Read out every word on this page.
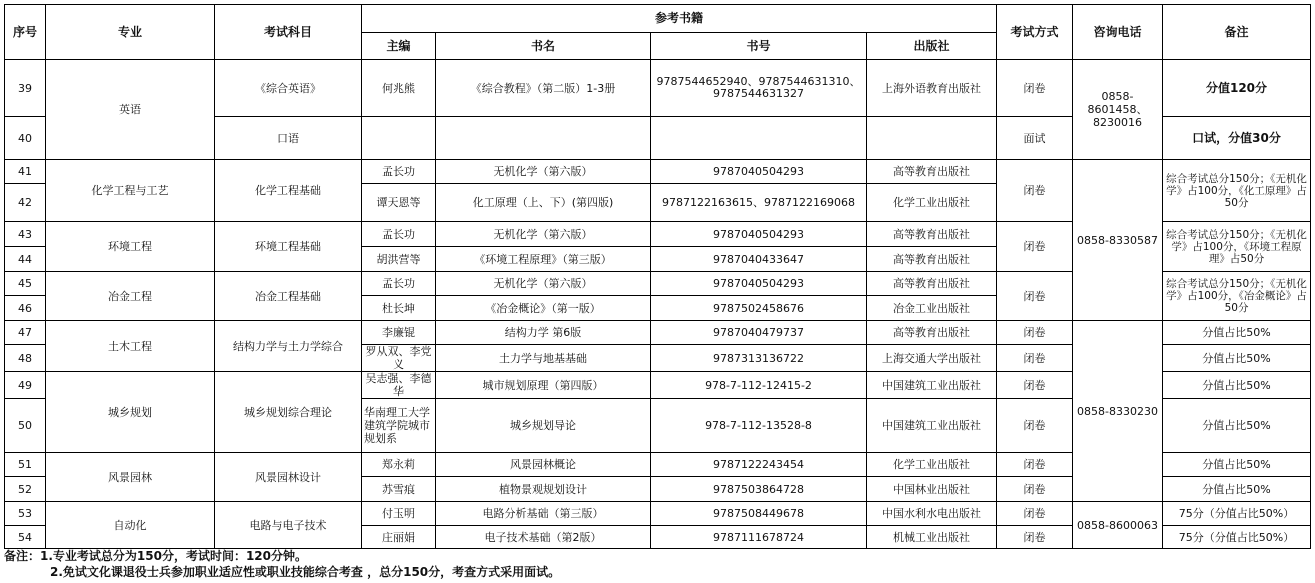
序号	专业	考试科目	参考书籍				考试方式	咨询电话	备注
			主编	书名	书号	出版社			
39	英语	《综合英语》	何兆熊	《综合教程》（第二版）1-3册	9787544652940、9787544631310、9787544631327	上海外语教育出版社	闭卷	0858-8601458、8230016	分值120分
40		口语					面试		口试，分值30分
41	化学工程与工艺	化学工程基础	孟长功	无机化学（第六版）	9787040504293	高等教育出版社	闭卷	0858-8330587	综合考试总分150分；《无机化学》占100分，《化工原理》占50分
42			谭天恩等	化工原理（上、下）(第四版)	9787122163615、9787122169068	化学工业出版社			
43	环境工程	环境工程基础	孟长功	无机化学（第六版）	9787040504293	高等教育出版社	闭卷		综合考试总分150分；《无机化学》占100分，《环境工程原理》占50分
44			胡洪营等	《环境工程原理》（第三版）	9787040433647	高等教育出版社			
45	冶金工程	冶金工程基础	孟长功	无机化学（第六版）	9787040504293	高等教育出版社	闭卷		综合考试总分150分；《无机化学》占100分，《冶金概论》占50分
46			杜长坤	《冶金概论》（第一版）	9787502458676	冶金工业出版社			
47	土木工程	结构力学与土力学综合	李廉锟	结构力学 第6版	9787040479737	高等教育出版社	闭卷	0858-8330230	分值占比50%
48			罗从双、李党义	土力学与地基基础	9787313136722	上海交通大学出版社	闭卷		分值占比50%
49	城乡规划	城乡规划综合理论	吴志强、李德华	城市规划原理（第四版）	978-7-112-12415-2	中国建筑工业出版社	闭卷		分值占比50%
50			华南理工大学建筑学院城市规划系	城乡规划导论	978-7-112-13528-8	中国建筑工业出版社	闭卷		分值占比50%
51	风景园林	风景园林设计	郑永莉	风景园林概论	9787122243454	化学工业出版社	闭卷		分值占比50%
52			苏雪痕	植物景观规划设计	9787503864728	中国林业出版社	闭卷		分值占比50%
53	自动化	电路与电子技术	付玉明	电路分析基础（第三版）	9787508449678	中国水利水电出版社	闭卷	0858-8600063	75分（分值占比50%）
54			庄丽娟	电子技术基础（第2版）	9787111678724	机械工业出版社	闭卷		75分（分值占比50%）
备注：1.专业考试总分为150分，考试时间：120分钟。
2.免试文化课退役士兵参加职业适应性或职业技能综合考查 ，总分150分，考查方式采用面试。
